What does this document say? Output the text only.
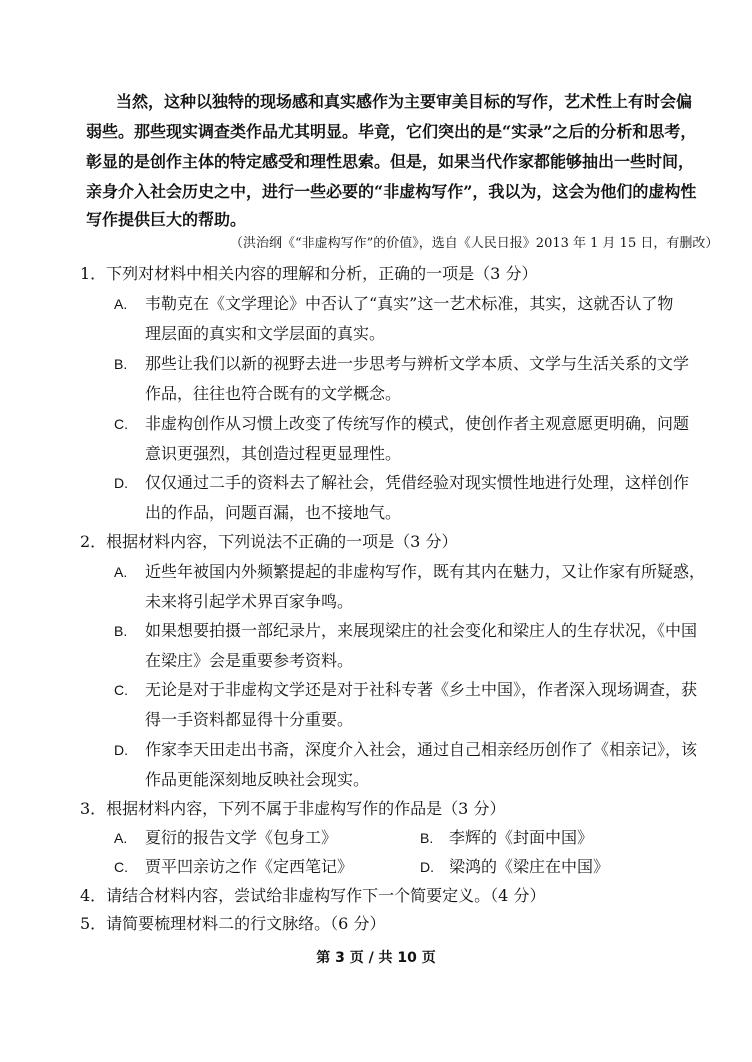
当然，这种以独特的现场感和真实感作为主要审美目标的写作，艺术性上有时会偏
弱些。那些现实调查类作品尤其明显。毕竟，它们突出的是“实录”之后的分析和思考，
彰显的是创作主体的特定感受和理性思索。但是，如果当代作家都能够抽出一些时间，
亲身介入社会历史之中，进行一些必要的“非虚构写作”，我以为，这会为他们的虚构性
写作提供巨大的帮助。
（洪治纲《“非虚构写作”的价值》，选自《人民日报》2013 年 1 月 15 日，有删改）
1．下列对材料中相关内容的理解和分析，正确的一项是（3 分）
A. 韦勒克在《文学理论》中否认了“真实”这一艺术标准，其实，这就否认了物
理层面的真实和文学层面的真实。
B. 那些让我们以新的视野去进一步思考与辨析文学本质、文学与生活关系的文学
作品，往往也符合既有的文学概念。
C. 非虚构创作从习惯上改变了传统写作的模式，使创作者主观意愿更明确，问题
意识更强烈，其创造过程更显理性。
D. 仅仅通过二手的资料去了解社会，凭借经验对现实惯性地进行处理，这样创作
出的作品，问题百漏，也不接地气。
2．根据材料内容，下列说法不正确的一项是（3 分）
A. 近些年被国内外频繁提起的非虚构写作，既有其内在魅力，又让作家有所疑惑，
未来将引起学术界百家争鸣。
B. 如果想要拍摄一部纪录片，来展现梁庄的社会变化和梁庄人的生存状况，《中国
在梁庄》会是重要参考资料。
C. 无论是对于非虚构文学还是对于社科专著《乡土中国》，作者深入现场调查，获
得一手资料都显得十分重要。
D. 作家李天田走出书斋，深度介入社会，通过自己相亲经历创作了《相亲记》，该
作品更能深刻地反映社会现实。
3．根据材料内容，下列不属于非虚构写作的作品是（3 分）
A. 夏衍的报告文学《包身工》	B. 李辉的《封面中国》
C. 贾平凹亲访之作《定西笔记》	D. 梁鸿的《梁庄在中国》
4．请结合材料内容，尝试给非虚构写作下一个简要定义。（4 分）
5．请简要梳理材料二的行文脉络。（6 分）
第 3 页 / 共 10 页
